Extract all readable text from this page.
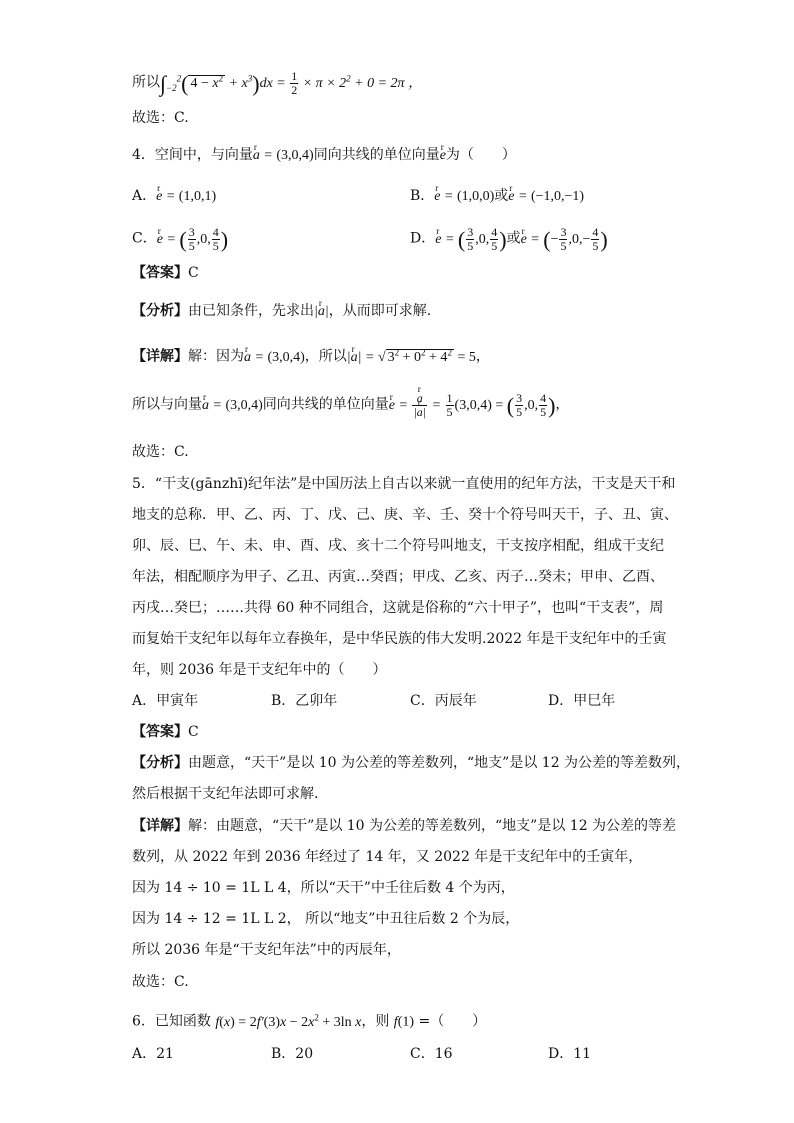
所以$\int_{-2}^2$( $4 - x^2 + x^3)dx = \frac{1}{2} \times \pi \times 2^2 + 0 = 2\pi$ ，
故选：C.
4．空间中，与向量r a = (3,0,4)同向共线的单位向量r e为（　　）
A．r e = (1,0,1)	B．r e = (1,0,0)或r e = (−1,0,−1)
C．r e = ( $\frac{3}{5} ,0$, $\frac{4}{5}$ )	D．r e = ( $\frac{3}{5} ,0$, $\frac{4}{5}$ )或r e = (− $\frac{3}{5} ,0,- \frac{4}{5}$ )
【答案】C
【分析】由已知条件，先求出|r a|，从而即可求解.
【详解】解：因为r a = (3,0,4)，所以|r a| = √ $3^2 + 0^2 + 4^2 = 5$，
所以与向量r a = (3,0,4)同向共线的单位向量r e =
r $\frac{a}{\text{|r a|}} = \frac{1}{5} (3,0,4)$ = ( $\frac{3}{5} ,0$, $\frac{4}{5}$ )，
故选：C.
5．“干支(gānzhī)纪年法”是中国历法上自古以来就一直使用的纪年方法，干支是天干和
地支的总称．甲、乙、丙、丁、戊、己、庚、辛、壬、癸十个符号叫天干，子、丑、寅、
卯、辰、巳、午、未、申、酉、戌、亥十二个符号叫地支，干支按序相配，组成干支纪
年法，相配顺序为甲子、乙丑、丙寅…癸酉；甲戌、乙亥、丙子…癸未；甲申、乙酉、
丙戌…癸巳；……共得 60 种不同组合，这就是俗称的“六十甲子”，也叫“干支表”，周
而复始干支纪年以每年立春换年，是中华民族的伟大发明.2022 年是干支纪年中的壬寅
年，则 2036 年是干支纪年中的（　　）
A．甲寅年	B．乙卯年	C．丙辰年	D．甲巳年
【答案】C
【分析】由题意，“天干”是以 10 为公差的等差数列，“地支”是以 12 为公差的等差数列，
然后根据干支纪年法即可求解.
【详解】解：由题意，“天干”是以 10 为公差的等差数列，“地支”是以 12 为公差的等差
数列，从 2022 年到 2036 年经过了 14 年，又 2022 年是干支纪年中的壬寅年，
因为 14 ÷ 10 = 1L L 4，所以“天干”中壬往后数 4 个为丙，
因为 14 ÷ 12 = 1L L 2， 所以“地支”中丑往后数 2 个为辰，
所以 2036 年是“干支纪年法”中的丙辰年，
故选：C.
6．已知函数 $f(x) = 2f'(3)x - 2x^2 + 3\ln$ x，则 f(1) =（　　）
A．21	B．20	C．16	D．11
